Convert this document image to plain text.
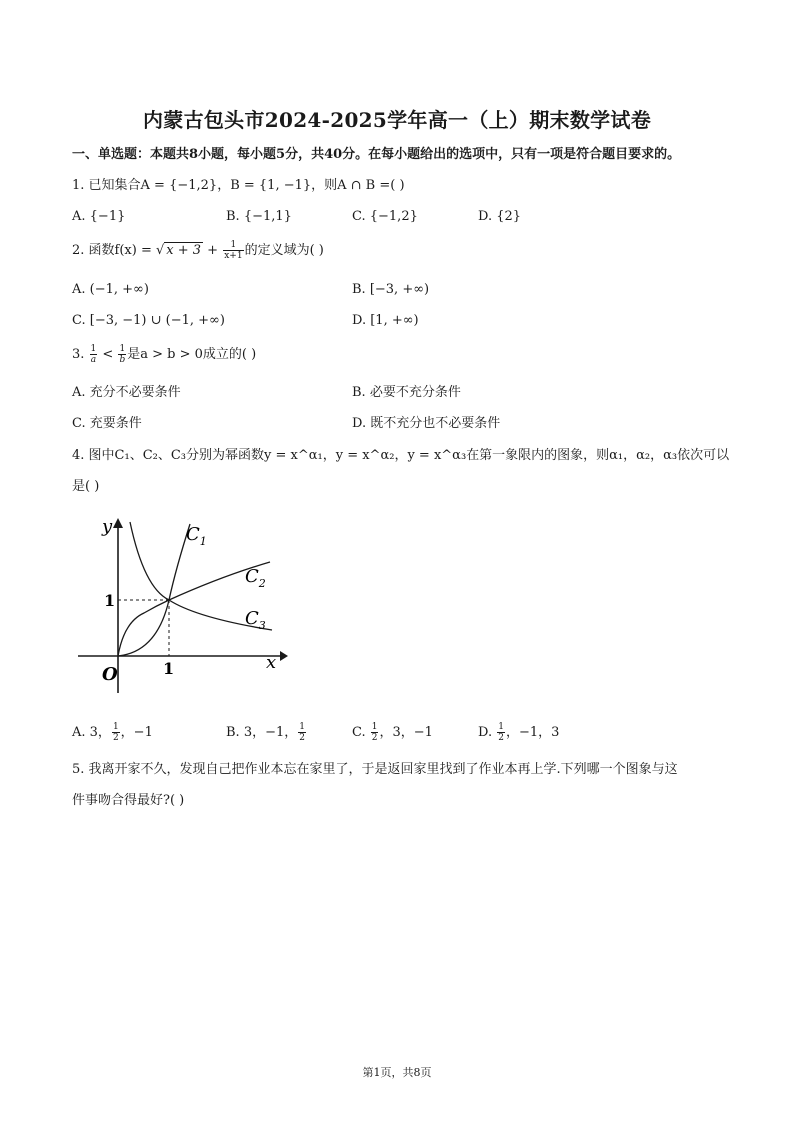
内蒙古包头市2024-2025学年高一（上）期末数学试卷
一、单选题：本题共8小题，每小题5分，共40分。在每小题给出的选项中，只有一项是符合题目要求的。
1. 已知集合A = {−1,2}，B = {1, −1}，则A ∩ B =( )
A. {−1}	B. {−1,1}	C. {−1,2}	D. {2}
2. 函数f(x) = √ $x + 3 + \frac{1}{x+1}$ 的定义域为( )
A. (−1, +∞)	B. [−3, +∞)
C. [−3, −1) ∪ (−1, +∞)	D. [1, +∞)
3. $\frac{1}{a} < \frac{1}{b}$ 是a > b > 0成立的( )
A. 充分不必要条件	B. 必要不充分条件
C. 充要条件	D. 既不充分也不必要条件
4. 图中C₁、C₂、C₃分别为幂函数y = x^α₁，y = x^α₂，y = x^α₃在第一象限内的图象，则α₁，α₂，α₃依次可以
是( )
y
x
O	1
1
$C_1$
$C_2$
$C_3$
A. 3， $\frac{1}{2}$ ，−1	B. 3，−1， $\frac{1}{2}$	C. $\frac{1}{2}$ ，3，−1	D. $\frac{1}{2}$ ，−1，3
5. 我离开家不久，发现自己把作业本忘在家里了，于是返回家里找到了作业本再上学.下列哪一个图象与这
件事吻合得最好?( )
第1页，共8页
